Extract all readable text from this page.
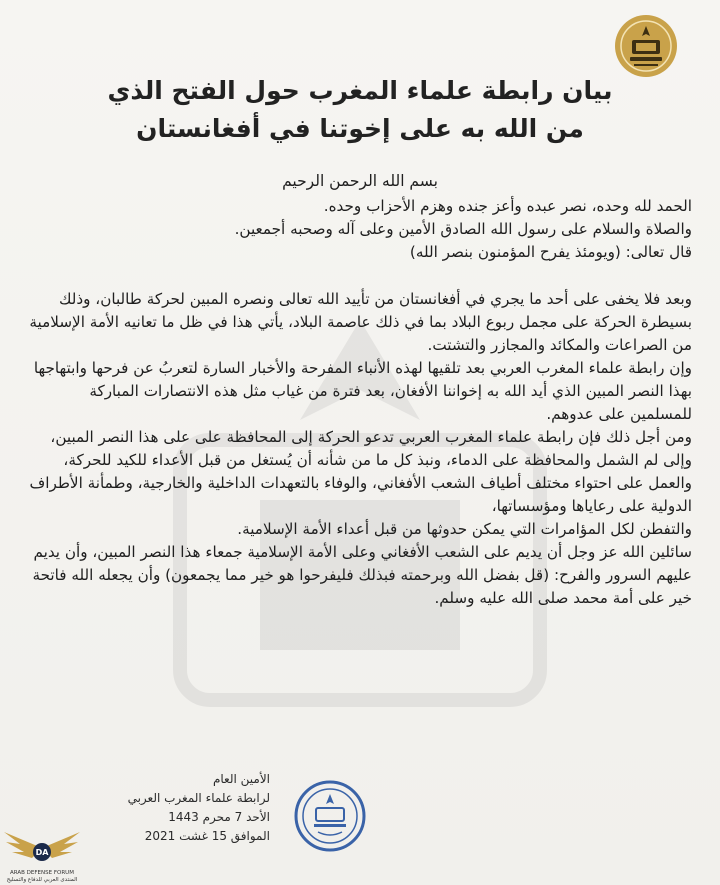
بيان رابطة علماء المغرب حول الفتح الذي
من الله به على إخوتنا في أفغانستان
بسم الله الرحمن الرحيم

الحمد لله وحده، نصر عبده وأعز جنده وهزم الأحزاب وحده.

والصلاة والسلام على رسول الله الصادق الأمين وعلى آله وصحبه أجمعين.

قال تعالى: (ويومئذ يفرح المؤمنون بنصر الله)

وبعد فلا يخفى على أحد ما يجري في أفغانستان من تأييد الله تعالى ونصره المبين لحركة طالبان، وذلك بسيطرة الحركة على مجمل ربوع البلاد بما في ذلك عاصمة البلاد، يأتي هذا في ظل ما تعانيه الأمة الإسلامية من الصراعات والمكائد والمجازر والتشتت.

وإن رابطة علماء المغرب العربي بعد تلقيها لهذه الأنباء المفرحة والأخبار السارة لتعربُ عن فرحها وابتهاجها بهذا النصر المبين الذي أيد الله به إخواننا الأفغان، بعد فترة من غياب مثل هذه الانتصارات المباركة للمسلمين على عدوهم.

ومن أجل ذلك فإن رابطة علماء المغرب العربي تدعو الحركة إلى المحافظة على على هذا النصر المبين، وإلى لم الشمل والمحافظة على الدماء، ونبذ كل ما من شأنه أن يُستغل من قبل الأعداء للكيد للحركة، والعمل على احتواء مختلف أطياف الشعب الأفغاني، والوفاء بالتعهدات الداخلية والخارجية، وطمأنة الأطراف الدولية على رعاياها ومؤسساتها،

والتفطن لكل المؤامرات التي يمكن حدوثها من قبل أعداء الأمة الإسلامية.

سائلين الله عز وجل أن يديم على الشعب الأفغاني وعلى الأمة الإسلامية جمعاء هذا النصر المبين، وأن يديم عليهم السرور والفرح: (قل بفضل الله وبرحمته فبذلك فليفرحوا هو خير مما يجمعون) وأن يجعله الله فاتحة خير على أمة محمد صلى الله عليه وسلم.

الأمين العام
لرابطة علماء المغرب العربي
الأحد 7 محرم 1443
الموافق 15 غشت 2021
DA
ARAB DEFENSE FORUM
المنتدى العربي للدفاع والتسليح
